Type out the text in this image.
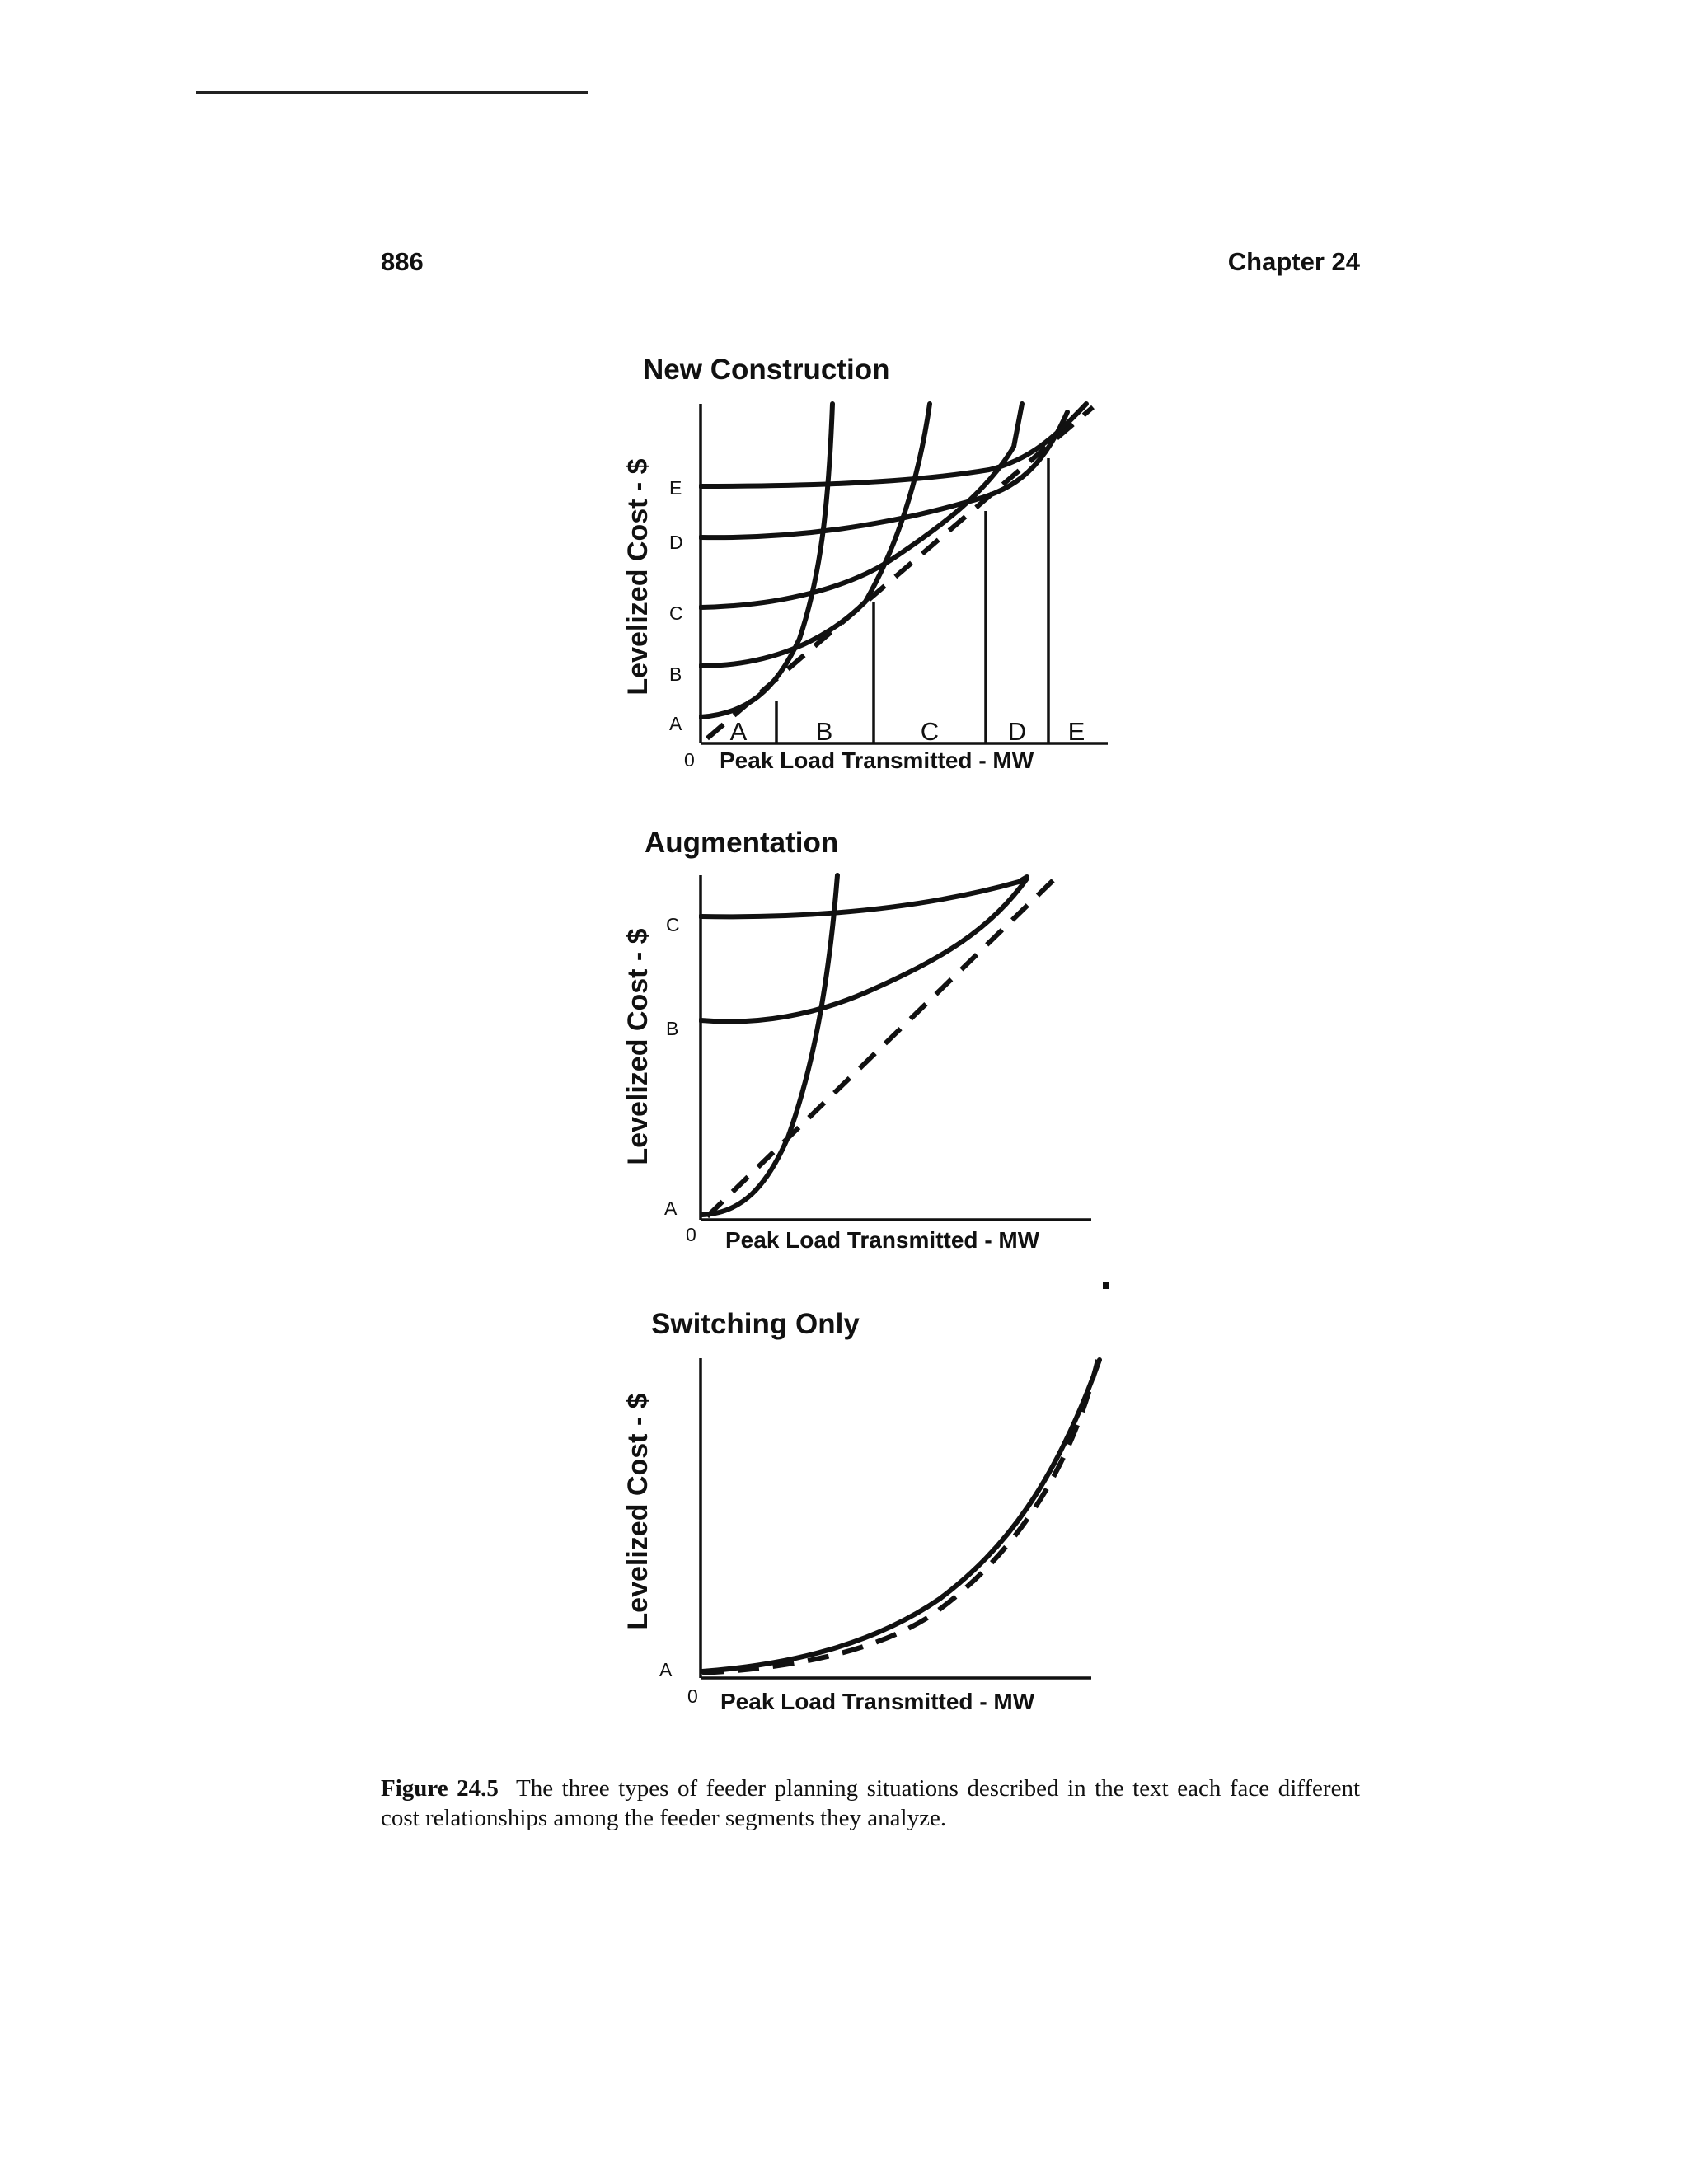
886	Chapter 24
New Construction
Levelized Cost - $
0
A
B
C
D
E
A	B	C	D E
Peak Load Transmitted - MW
Augmentation
Levelized Cost - $
0
A
B
C
Peak Load Transmitted - MW
Switching Only
Levelized Cost - $
0
A
Peak Load Transmitted - MW
Figure 24.5 The three types of feeder planning situations described in the text each face different cost relationships among the feeder segments they analyze.
